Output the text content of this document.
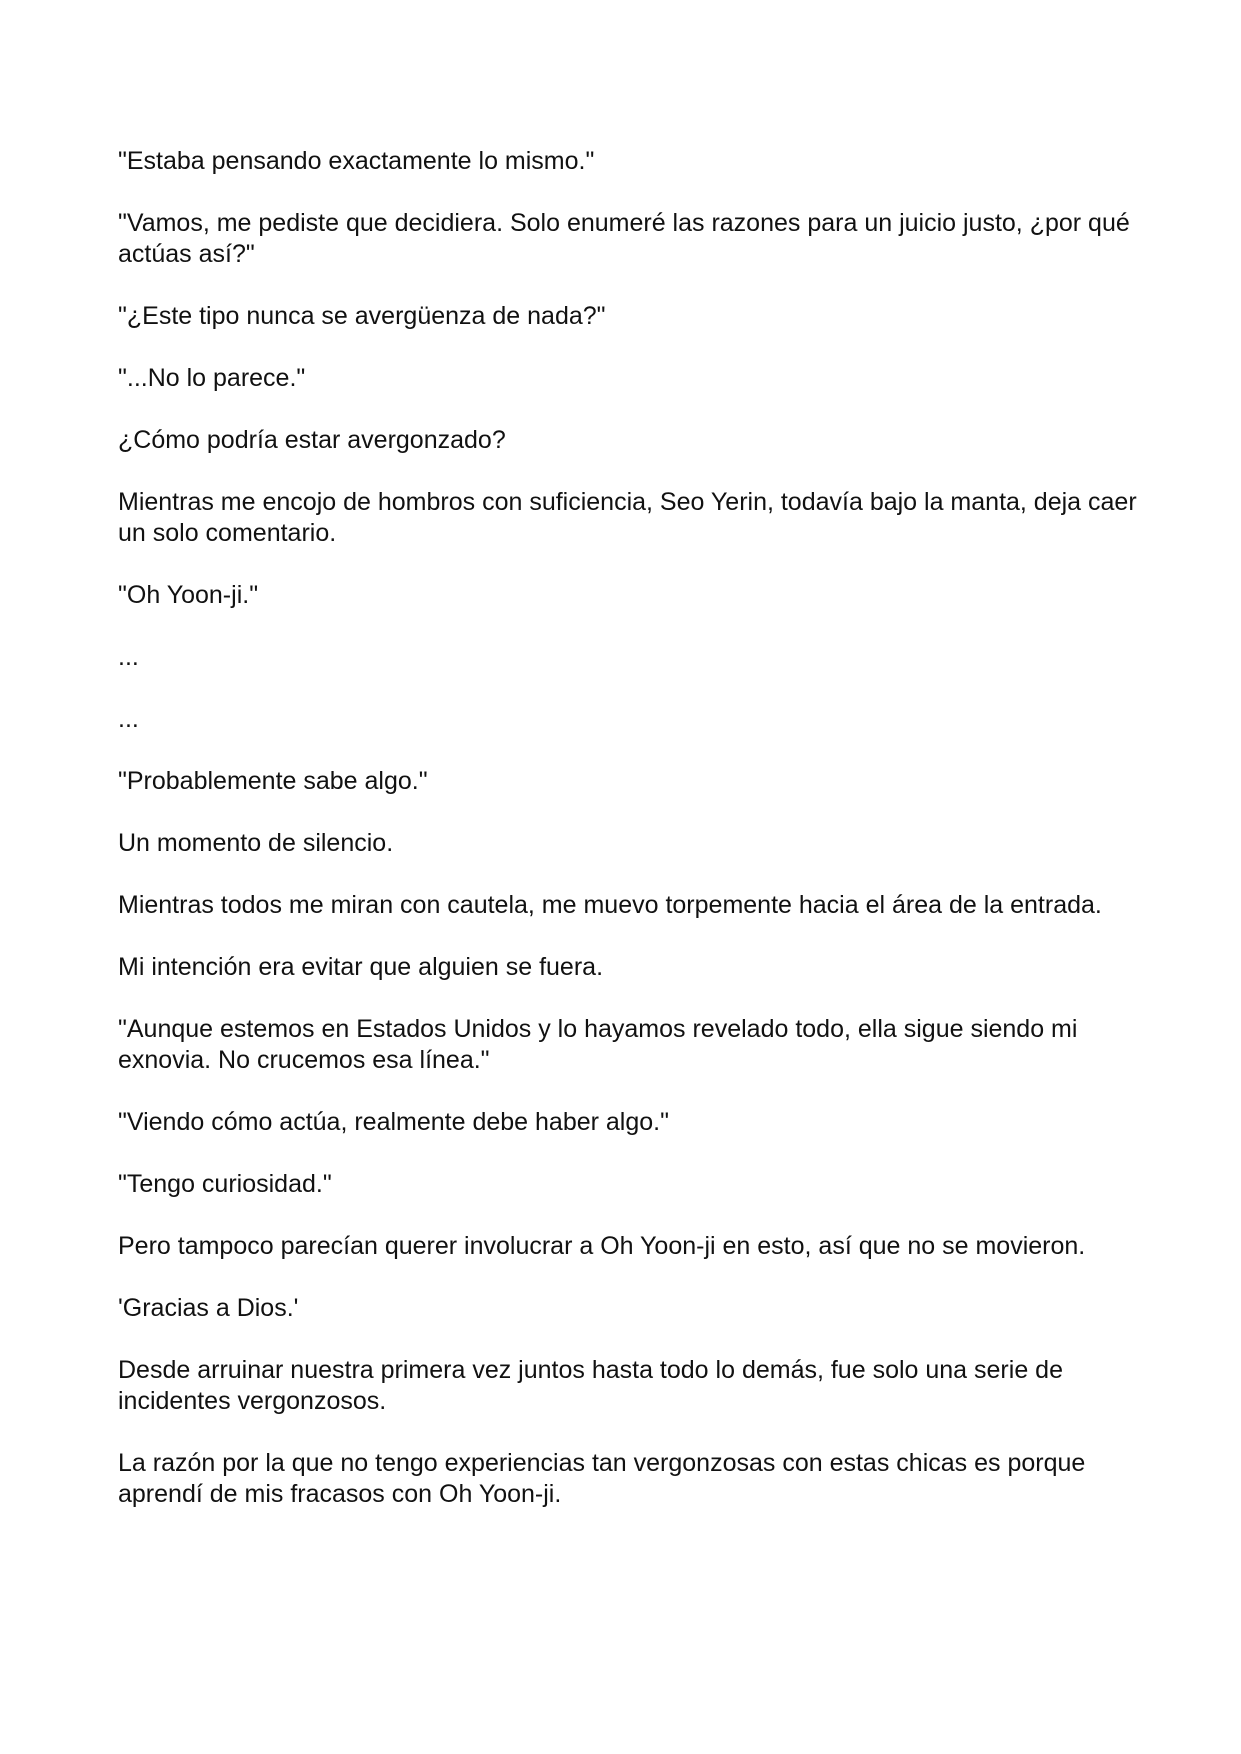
"Estaba pensando exactamente lo mismo."

"Vamos, me pediste que decidiera. Solo enumeré las razones para un juicio justo, ¿por qué actúas así?"

"¿Este tipo nunca se avergüenza de nada?"

"...No lo parece."

¿Cómo podría estar avergonzado?

Mientras me encojo de hombros con suficiencia, Seo Yerin, todavía bajo la manta, deja caer un solo comentario.

"Oh Yoon-ji."

...

...

"Probablemente sabe algo."

Un momento de silencio.

Mientras todos me miran con cautela, me muevo torpemente hacia el área de la entrada.

Mi intención era evitar que alguien se fuera.

"Aunque estemos en Estados Unidos y lo hayamos revelado todo, ella sigue siendo mi exnovia. No crucemos esa línea."

"Viendo cómo actúa, realmente debe haber algo."

"Tengo curiosidad."

Pero tampoco parecían querer involucrar a Oh Yoon-ji en esto, así que no se movieron.

'Gracias a Dios.'

Desde arruinar nuestra primera vez juntos hasta todo lo demás, fue solo una serie de incidentes vergonzosos.

La razón por la que no tengo experiencias tan vergonzosas con estas chicas es porque aprendí de mis fracasos con Oh Yoon-ji.
